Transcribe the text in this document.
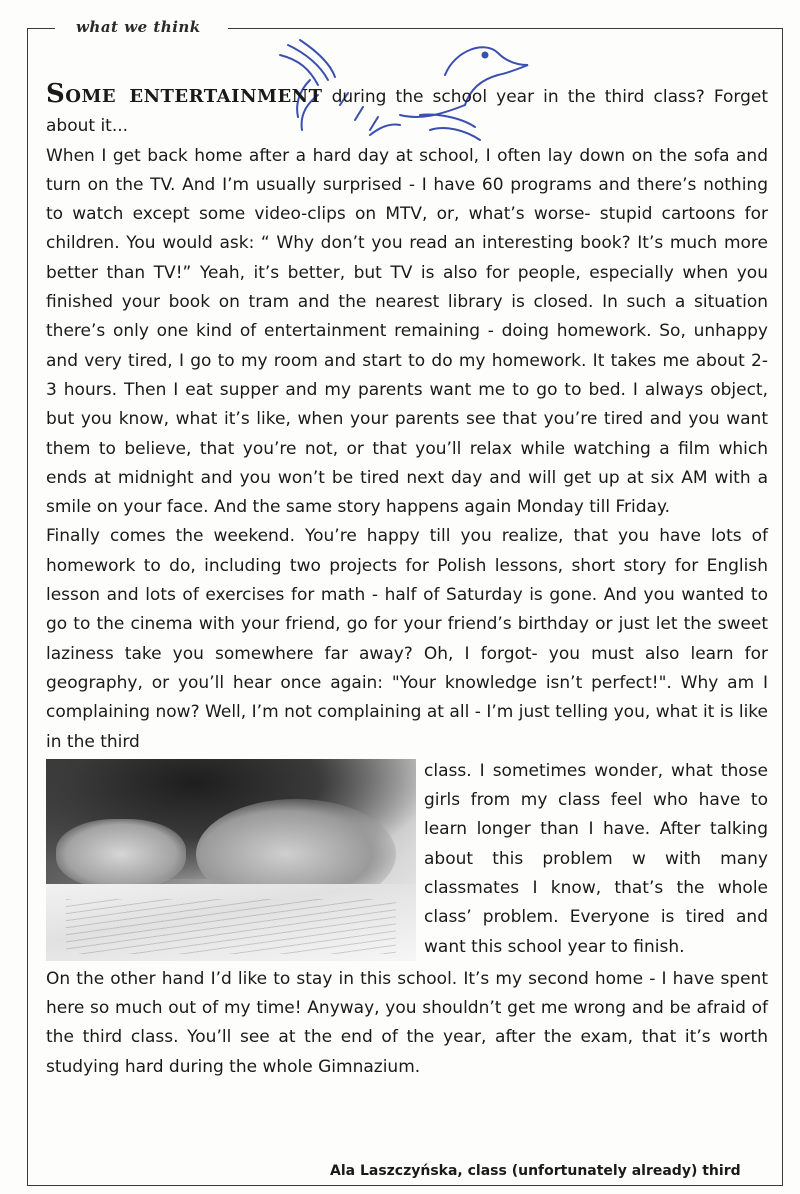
what we think

Some entertainment during the school year in the third class? Forget about it...

When I get back home after a hard day at school, I often lay down on the sofa and turn on the TV. And I’m usually surprised - I have 60 programs and there’s nothing to watch except some video-clips on MTV, or, what’s worse- stupid cartoons for children. You would ask: “ Why don’t you read an interesting book? It’s much more better than TV!” Yeah, it’s better, but TV is also for people, especially when you finished your book on tram and the nearest library is closed. In such a situation there’s only one kind of entertainment remaining - doing homework. So, unhappy and very tired, I go to my room and start to do my homework. It takes me about 2- 3 hours. Then I eat supper and my parents want me to go to bed. I always object, but you know, what it’s like, when your parents see that you’re tired and you want them to believe, that you’re not, or that you’ll relax while watching a film which ends at midnight and you won’t be tired next day and will get up at six AM with a smile on your face. And the same story happens again Monday till Friday.

Finally comes the weekend. You’re happy till you realize, that you have lots of homework to do, including two projects for Polish lessons, short story for English lesson and lots of exercises for math - half of Saturday is gone. And you wanted to go to the cinema with your friend, go for your friend’s birthday or just let the sweet laziness take you somewhere far away? Oh, I forgot- you must also learn for geography, or you’ll hear once again: "Your knowledge isn’t perfect!". Why am I complaining now? Well, I’m not complaining at all - I’m just telling you, what it is like in the third

class. I sometimes wonder, what those girls from my class feel who have to learn longer than I have. After talking about this problem w with many classmates I know, that’s the whole class’ problem. Everyone is tired and want this school year to finish.

On the other hand I’d like to stay in this school. It’s my second home - I have spent here so much out of my time! Anyway, you shouldn’t get me wrong and be afraid of the third class. You’ll see at the end of the year, after the exam, that it’s worth studying hard during the whole Gimnazium.

Ala Laszczyńska, class (unfortunately already) third
